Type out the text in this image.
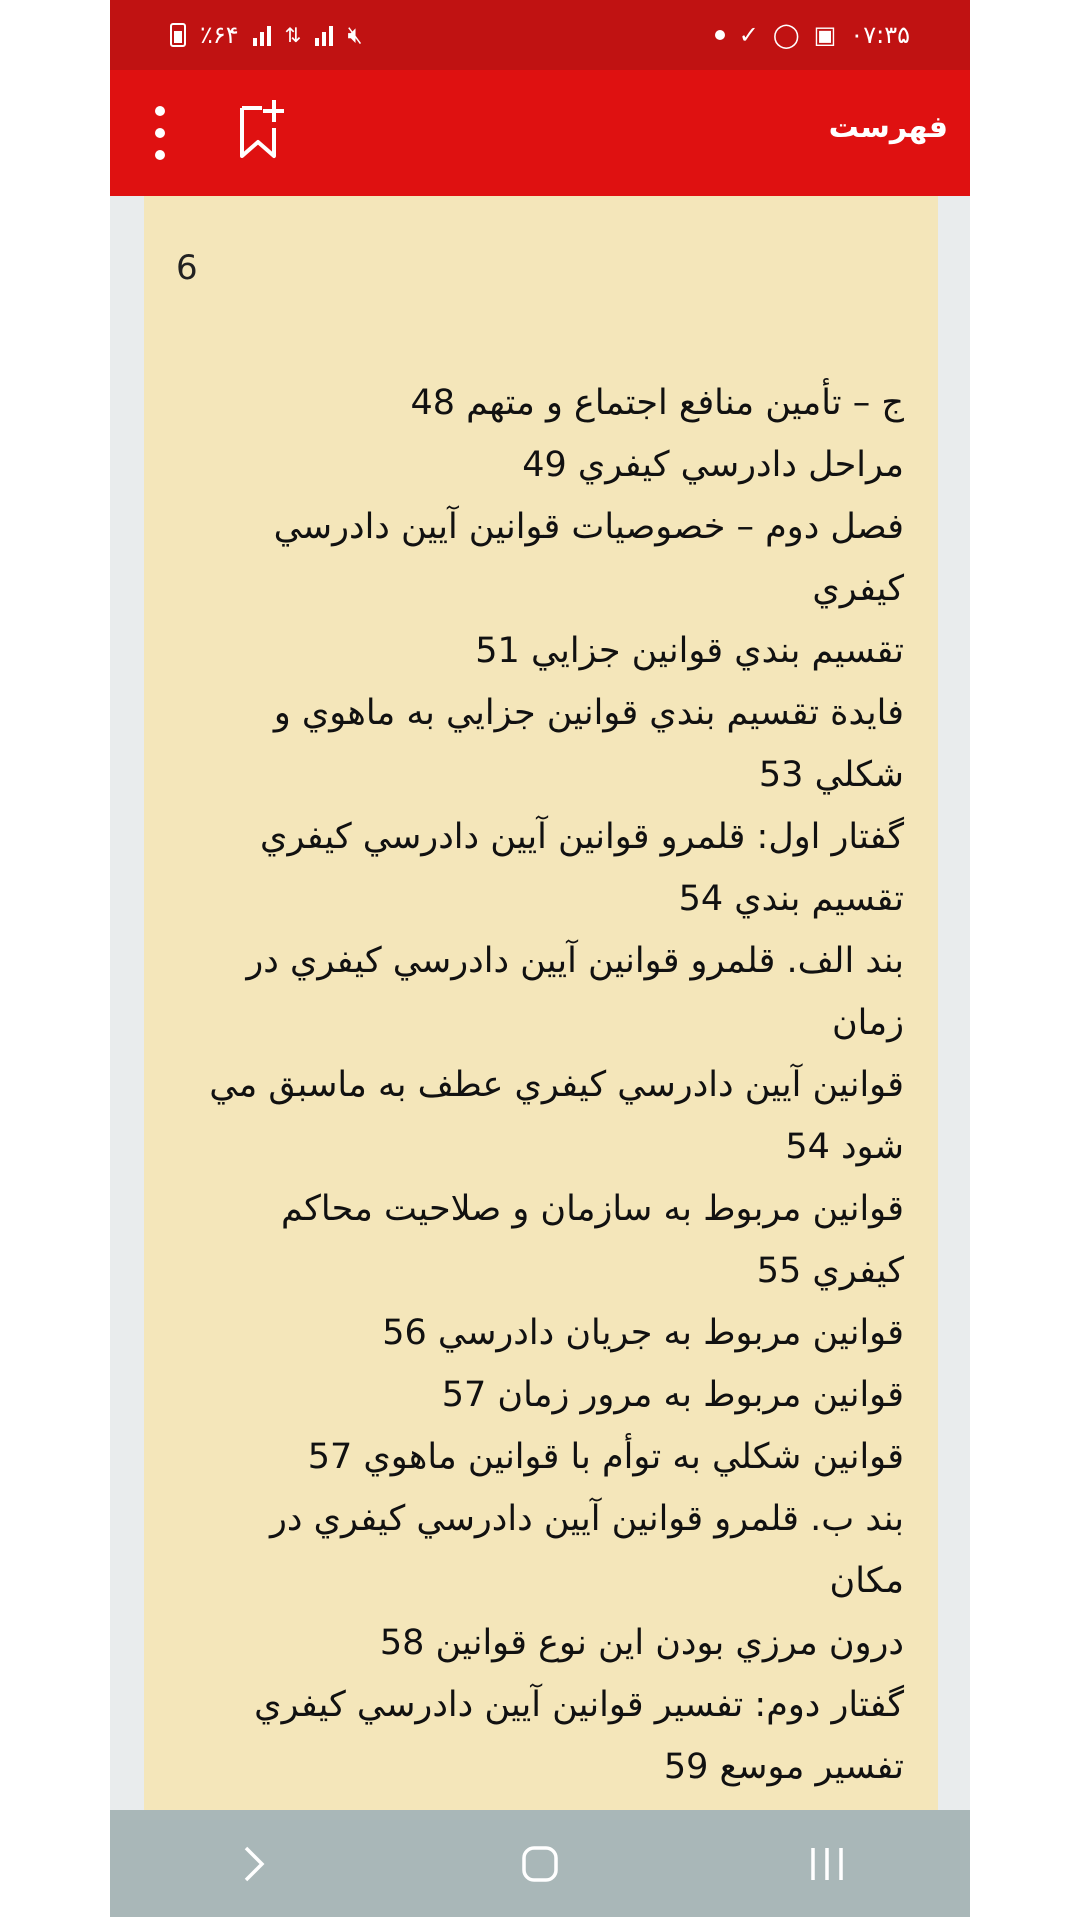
٪۶۴ ⇅ 🔇︎	✓ ◯ ▣ ۰۷:۳۵
فهرست
6
ج – تأمين منافع اجتماع و متهم 48
مراحل دادرسي كيفري 49
فصل دوم – خصوصيات قوانين آيين دادرسي
كيفري
تقسيم بندي قوانين جزايي 51
فايدة تقسيم بندي قوانين جزايي به ماهوي و
شكلي 53
گفتار اول: قلمرو قوانين آيين دادرسي كيفري
تقسيم بندي 54
بند الف. قلمرو قوانين آيين دادرسي كيفري در
زمان
قوانين آيين دادرسي كيفري عطف به ماسبق مي
شود 54
قوانين مربوط به سازمان و صلاحيت محاكم
كيفري 55
قوانين مربوط به جريان دادرسي 56
قوانين مربوط به مرور زمان 57
قوانين شكلي به توأم با قوانين ماهوي 57
بند ب. قلمرو قوانين آيين دادرسي كيفري در
مكان
درون مرزي بودن اين نوع قوانين 58
گفتار دوم: تفسير قوانين آيين دادرسي كيفري
تفسير موسع 59
